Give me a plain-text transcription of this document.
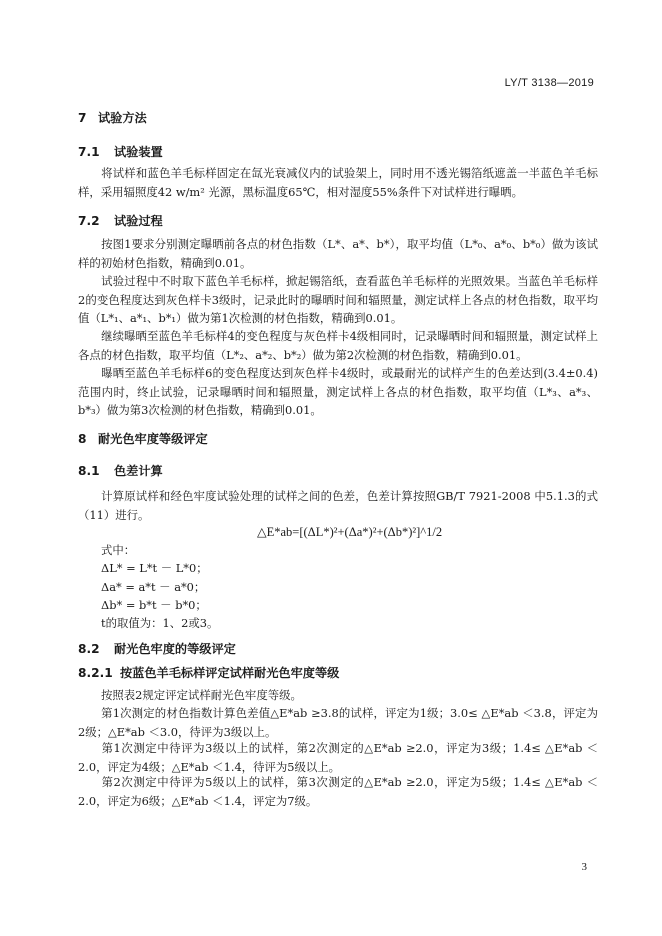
LY/T 3138—2019
7 试验方法
7.1 试验装置
将试样和蓝色羊毛标样固定在氙光衰减仪内的试验架上，同时用不透光锡箔纸遮盖一半蓝色羊毛标样，采用辐照度42 w/m² 光源，黑标温度65℃，相对湿度55%条件下对试样进行曝晒。
7.2 试验过程
按图1要求分别测定曝晒前各点的材色指数（L*、a*、b*），取平均值（L*₀、a*₀、b*₀）做为该试样的初始材色指数，精确到0.01。
试验过程中不时取下蓝色羊毛标样，掀起锡箔纸，查看蓝色羊毛标样的光照效果。当蓝色羊毛标样2的变色程度达到灰色样卡3级时，记录此时的曝晒时间和辐照量，测定试样上各点的材色指数，取平均值（L*₁、a*₁、b*₁）做为第1次检测的材色指数，精确到0.01。
继续曝晒至蓝色羊毛标样4的变色程度与灰色样卡4级相同时，记录曝晒时间和辐照量，测定试样上各点的材色指数，取平均值（L*₂、a*₂、b*₂）做为第2次检测的材色指数，精确到0.01。
曝晒至蓝色羊毛标样6的变色程度达到灰色样卡4级时，或最耐光的试样产生的色差达到(3.4±0.4)范围内时，终止试验，记录曝晒时间和辐照量，测定试样上各点的材色指数，取平均值（L*₃、a*₃、b*₃）做为第3次检测的材色指数，精确到0.01。
8 耐光色牢度等级评定
8.1 色差计算
计算原试样和经色牢度试验处理的试样之间的色差，色差计算按照GB/T 7921-2008 中5.1.3的式（11）进行。
△E*ab=[(ΔL*)²+(Δa*)²+(Δb*)²]^1/2
式中：
ΔL* = L*t － L*0；
Δa* = a*t － a*0；
Δb* = b*t － b*0；
t的取值为：1、2或3。
8.2 耐光色牢度的等级评定
8.2.1 按蓝色羊毛标样评定试样耐光色牢度等级
按照表2规定评定试样耐光色牢度等级。
第1次测定的材色指数计算色差值△E*ab ≥3.8的试样，评定为1级；3.0≤ △E*ab ＜3.8，评定为2级；△E*ab ＜3.0，待评为3级以上。
第1次测定中待评为3级以上的试样，第2次测定的△E*ab ≥2.0，评定为3级；1.4≤ △E*ab ＜2.0，评定为4级；△E*ab ＜1.4，待评为5级以上。
第2次测定中待评为5级以上的试样，第3次测定的△E*ab ≥2.0，评定为5级；1.4≤ △E*ab ＜2.0，评定为6级；△E*ab ＜1.4，评定为7级。
3
